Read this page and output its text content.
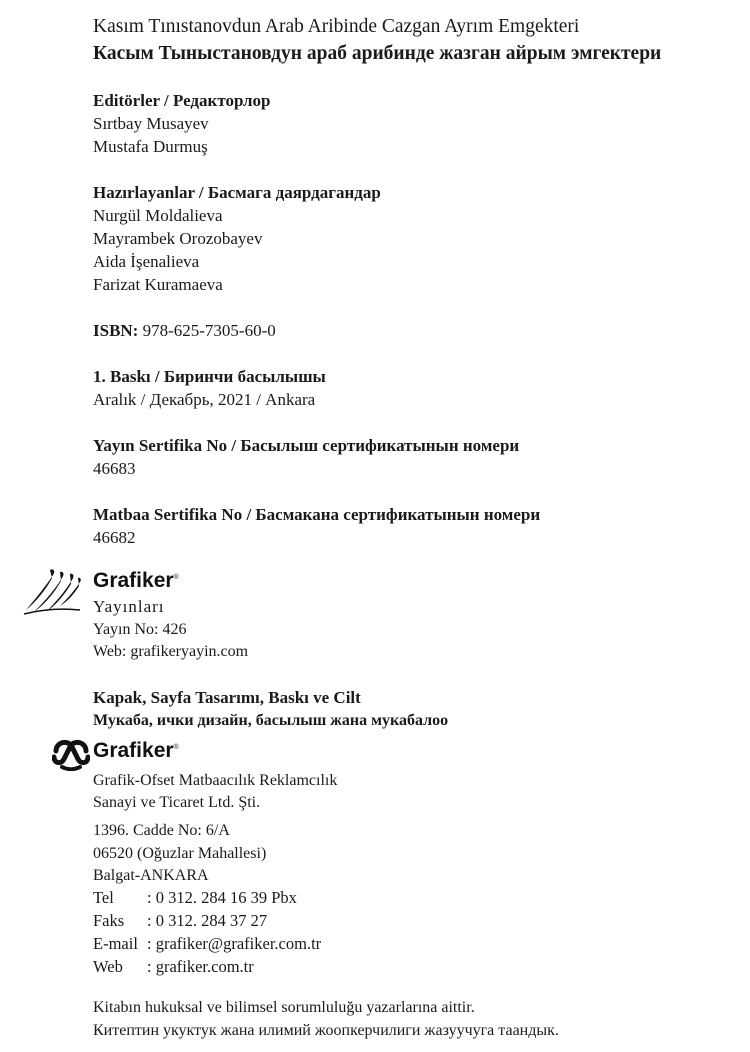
Kasım Tınıstanovdun Arab Aribinde Cazgan Ayrım Emgekteri
Касым Тыныстановдун араб арибинде жазган айрым эмгектери
Editörler / Редакторлор
Sırtbay Musayev
Mustafa Durmuş
Hazırlayanlar / Басмага даярдагандар
Nurgül Moldalieva
Mayrambek Orozobayev
Aida İşenalieva
Farizat Kuramaeva
ISBN: 978-625-7305-60-0
1. Baskı / Биринчи басылышы
Aralık / Декабрь, 2021 / Ankara
Yayın Sertifika No / Басылыш сертификатынын номери
46683
Matbaa Sertifika No / Басмакана сертификатынын номери
46682
Grafiker®
Yayınları
Yayın No: 426
Web: grafikeryayin.com
Kapak, Sayfa Tasarımı, Baskı ve Cilt
Мукаба, ички дизайн, басылыш жана мукабалоо
Grafiker®
Grafik-Ofset Matbaacılık Reklamcılık
Sanayi ve Ticaret Ltd. Şti.
1396. Cadde No: 6/A
06520 (Oğuzlar Mahallesi)
Balgat-ANKARA
Tel : 0 312. 284 16 39 Pbx
Faks : 0 312. 284 37 27
E-mail : grafiker@grafiker.com.tr
Web : grafiker.com.tr
Kitabın hukuksal ve bilimsel sorumluluğu yazarlarına aittir.
Китептин укуктук жана илимий жоопкерчилиги жазуучуга таандык.
